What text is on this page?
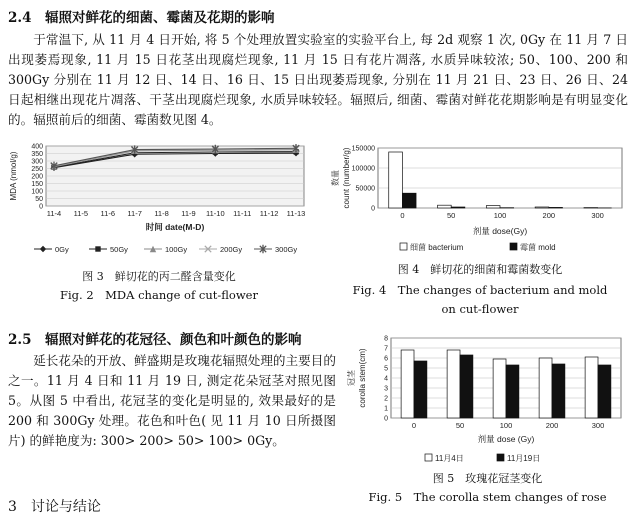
2.4　辐照对鲜花的细菌、霉菌及花期的影响
于常温下, 从 11 月 4 日开始, 将 5 个处理放置实验室的实验平台上, 每 2d 观察 1 次, 0Gy 在 11 月 7 日出现萎焉现象, 11 月 15 日花茎出现腐烂现象, 11 月 15 日有花片凋落, 水质异味较浓; 50、100、200 和 300Gy 分别在 11 月 12 日、14 日、16 日、15 日出现萎焉现象, 分别在 11 月 21 日、23 日、26 日、24 日起相继出现花片凋落、干茎出现腐烂现象, 水质异味较轻。辐照后, 细菌、霉菌对鲜花花期影响是有明显变化的。辐照前后的细菌、霉菌数见图 4。
0
50
100
150
200
250
300
350
400
11-4 11-5 11-6 11-7 11-8 11-9 11-10 11-11 11-12 11-13
MDA (nmol/g)
时间 date(M-D)
0Gy	50Gy	100Gy	200Gy	300Gy
图 3　鲜切花的丙二醛含量变化
Fig. 2　MDA change of cut-flower
0
50000
100000
150000
0	50	100	200	300
数量 count (number/g)
剂量 dose(Gy)
细菌 bacterium	霉菌 mold
图 4　鲜切花的细菌和霉菌数变化
Fig. 4　The changes of bacterium and mold on cut-flower
2.5　辐照对鲜花的花冠径、颜色和叶颜色的影响
延长花朵的开放、鲜盛期是玫瑰花辐照处理的主要目的之一。11 月 4 日和 11 月 19 日, 测定花朵冠茎对照见图 5。从图 5 中看出, 花冠茎的变化是明显的, 效果最好的是 200 和 300Gy 处理。花色和叶色( 见 11 月 10 日所摄图片) 的鲜艳度为: 300> 200> 50> 100> 0Gy。
0
1
2
3
4
5
6
7
8
0	50	100	200	300
冠茎 corolla stem(cm)
剂量 dose (Gy)
11月4日	11月19日
图 5　玫瑰花冠茎变化
Fig. 5　The corolla stem changes of rose
3　讨论与结论
